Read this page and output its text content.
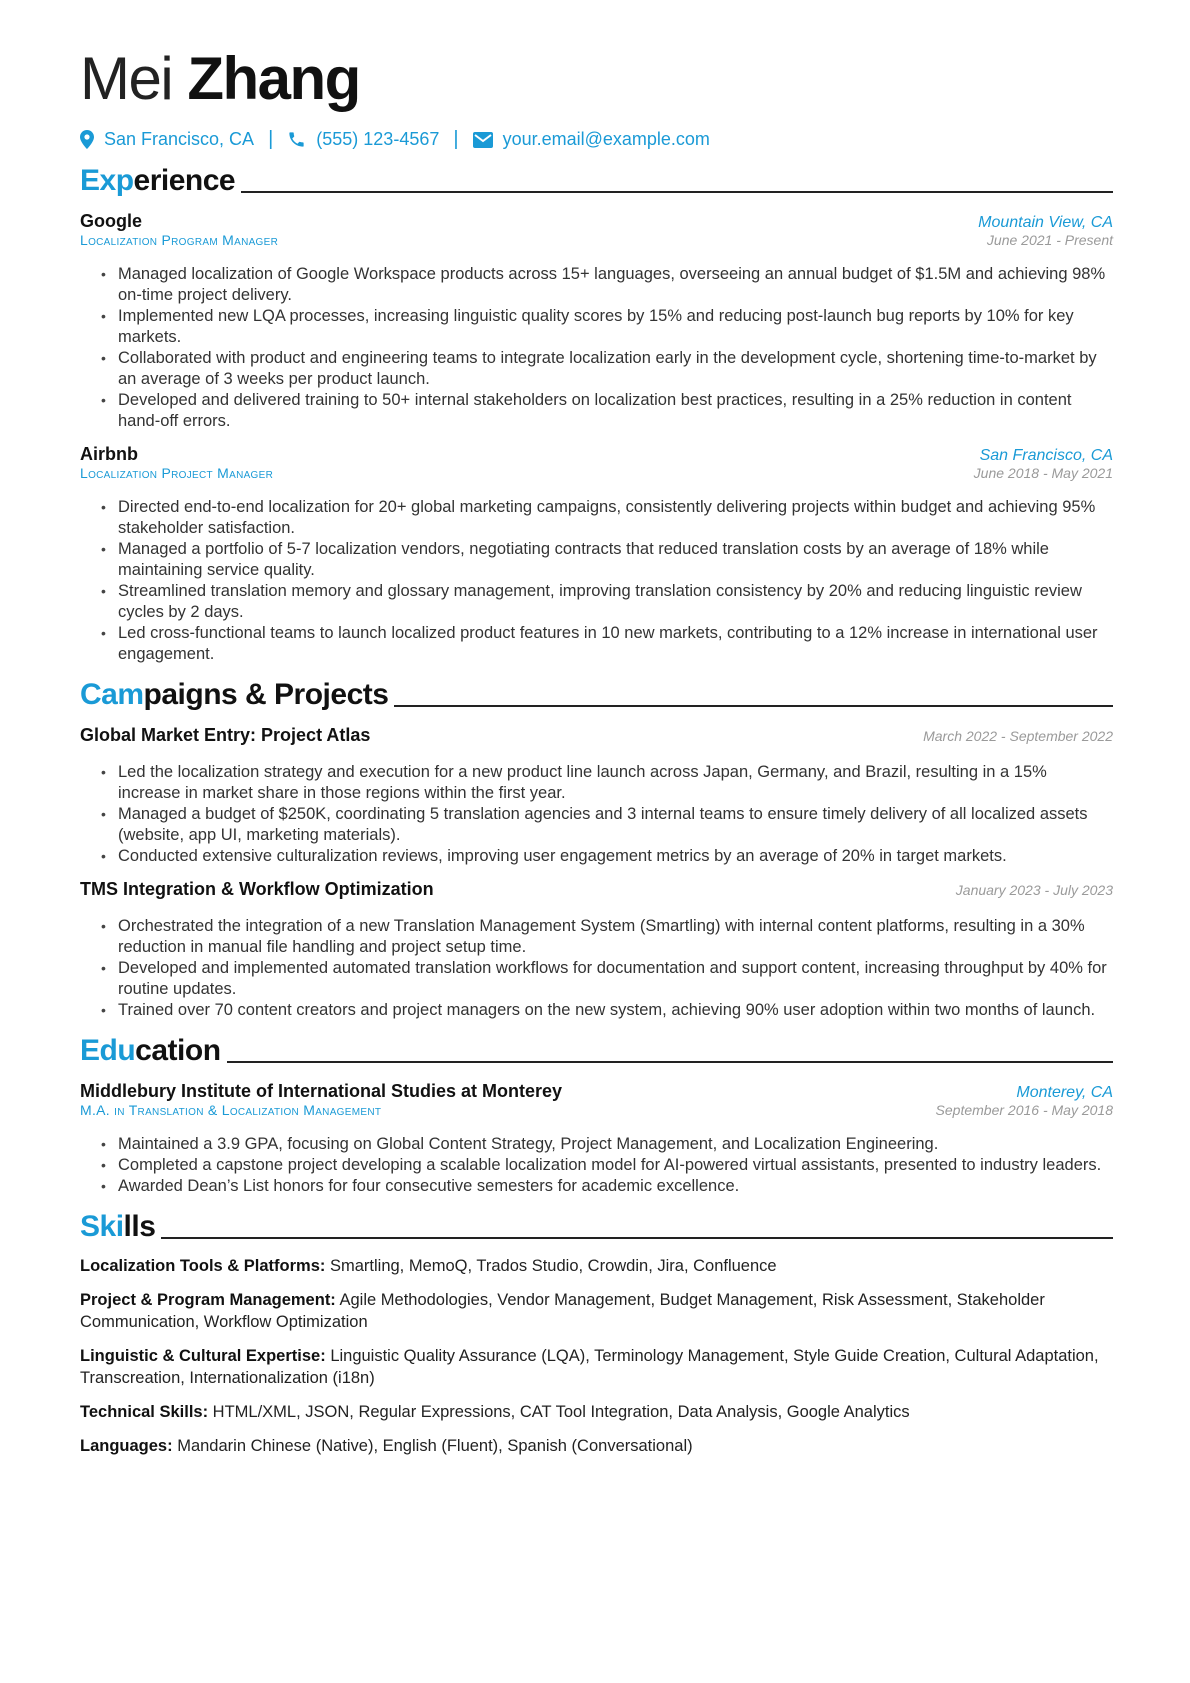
Mei Zhang
San Francisco, CA | (555) 123-4567 | your.email@example.com
Experience
Google	Mountain View, CA
Localization Program Manager	June 2021 - Present
• Managed localization of Google Workspace products across 15+ languages, overseeing an annual budget of $1.5M and achieving 98% on-time project delivery.
• Implemented new LQA processes, increasing linguistic quality scores by 15% and reducing post-launch bug reports by 10% for key markets.
• Collaborated with product and engineering teams to integrate localization early in the development cycle, shortening time-to-market by an average of 3 weeks per product launch.
• Developed and delivered training to 50+ internal stakeholders on localization best practices, resulting in a 25% reduction in content hand-off errors.
Airbnb	San Francisco, CA
Localization Project Manager	June 2018 - May 2021
• Directed end-to-end localization for 20+ global marketing campaigns, consistently delivering projects within budget and achieving 95% stakeholder satisfaction.
• Managed a portfolio of 5-7 localization vendors, negotiating contracts that reduced translation costs by an average of 18% while maintaining service quality.
• Streamlined translation memory and glossary management, improving translation consistency by 20% and reducing linguistic review cycles by 2 days.
• Led cross-functional teams to launch localized product features in 10 new markets, contributing to a 12% increase in international user engagement.
Campaigns & Projects
Global Market Entry: Project Atlas	March 2022 - September 2022
• Led the localization strategy and execution for a new product line launch across Japan, Germany, and Brazil, resulting in a 15% increase in market share in those regions within the first year.
• Managed a budget of $250K, coordinating 5 translation agencies and 3 internal teams to ensure timely delivery of all localized assets (website, app UI, marketing materials).
• Conducted extensive culturalization reviews, improving user engagement metrics by an average of 20% in target markets.
TMS Integration & Workflow Optimization	January 2023 - July 2023
• Orchestrated the integration of a new Translation Management System (Smartling) with internal content platforms, resulting in a 30% reduction in manual file handling and project setup time.
• Developed and implemented automated translation workflows for documentation and support content, increasing throughput by 40% for routine updates.
• Trained over 70 content creators and project managers on the new system, achieving 90% user adoption within two months of launch.
Education
Middlebury Institute of International Studies at Monterey	Monterey, CA
M.A. in Translation & Localization Management	September 2016 - May 2018
• Maintained a 3.9 GPA, focusing on Global Content Strategy, Project Management, and Localization Engineering.
• Completed a capstone project developing a scalable localization model for AI-powered virtual assistants, presented to industry leaders.
• Awarded Dean’s List honors for four consecutive semesters for academic excellence.
Skills
Localization Tools & Platforms: Smartling, MemoQ, Trados Studio, Crowdin, Jira, Confluence
Project & Program Management: Agile Methodologies, Vendor Management, Budget Management, Risk Assessment, Stakeholder Communication, Workflow Optimization
Linguistic & Cultural Expertise: Linguistic Quality Assurance (LQA), Terminology Management, Style Guide Creation, Cultural Adaptation, Transcreation, Internationalization (i18n)
Technical Skills: HTML/XML, JSON, Regular Expressions, CAT Tool Integration, Data Analysis, Google Analytics
Languages: Mandarin Chinese (Native), English (Fluent), Spanish (Conversational)
